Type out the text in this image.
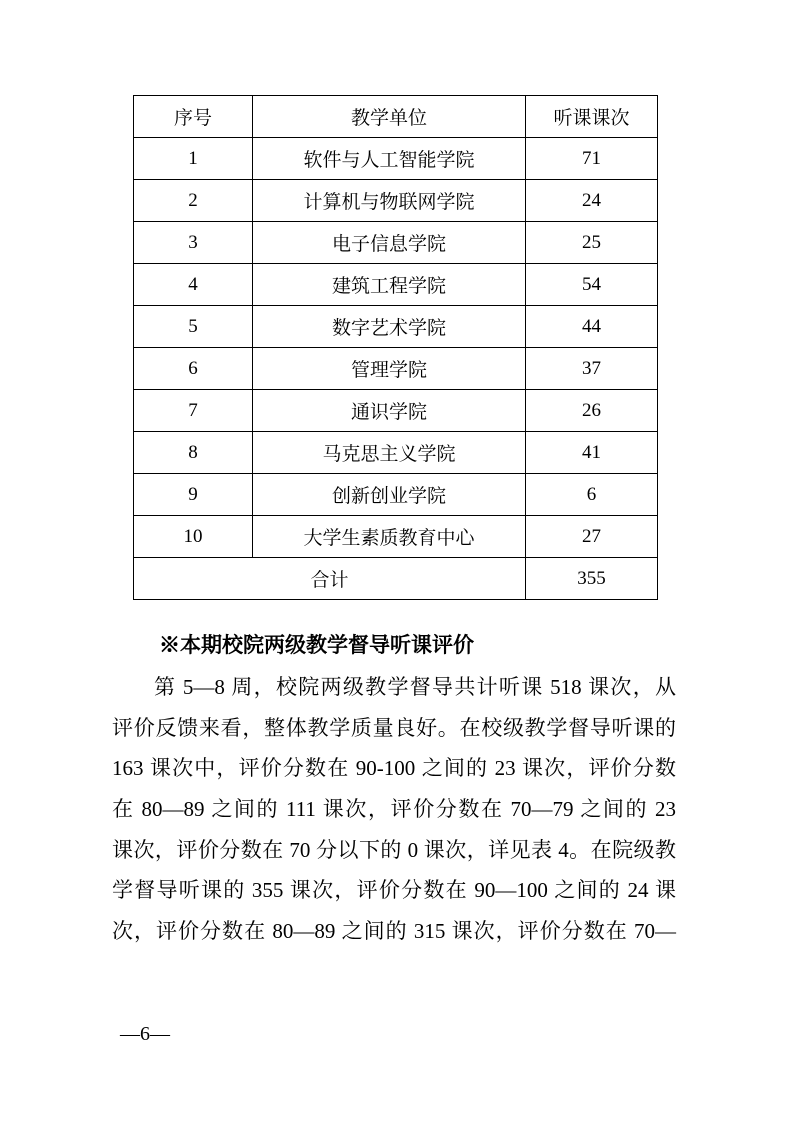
序号	教学单位	听课课次
1	软件与人工智能学院	71
2	计算机与物联网学院	24
3	电子信息学院	25
4	建筑工程学院	54
5	数字艺术学院	44
6	管理学院	37
7	通识学院	26
8	马克思主义学院	41
9	创新创业学院	6
10	大学生素质教育中心	27
合计		355
※本期校院两级教学督导听课评价
第 5—8 周，校院两级教学督导共计听课 518 课次，从
评价反馈来看，整体教学质量良好。在校级教学督导听课的
163 课次中，评价分数在 90-100 之间的 23 课次，评价分数
在 80—89 之间的 111 课次，评价分数在 70—79 之间的 23
课次，评价分数在 70 分以下的 0 课次，详见表 4。在院级教
学督导听课的 355 课次，评价分数在 90—100 之间的 24 课
次，评价分数在 80—89 之间的 315 课次，评价分数在 70—
—6—
